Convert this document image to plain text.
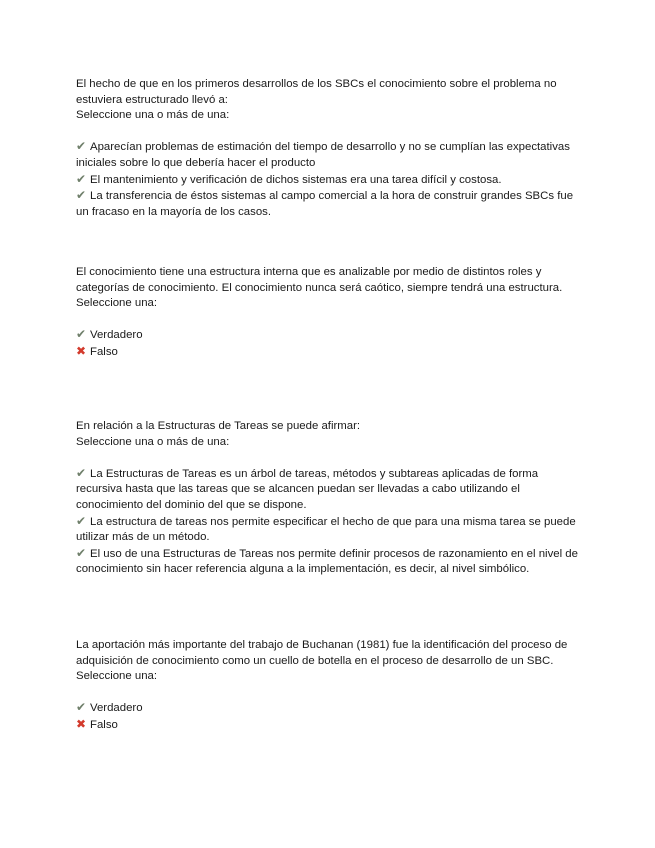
El hecho de que en los primeros desarrollos de los SBCs el conocimiento sobre el problema no estuviera estructurado llevó a:

Seleccione una o más de una:

✔ Aparecían problemas de estimación del tiempo de desarrollo y no se cumplían las expectativas iniciales sobre lo que debería hacer el producto
✔ El mantenimiento y verificación de dichos sistemas era una tarea difícil y costosa.
✔ La transferencia de éstos sistemas al campo comercial a la hora de construir grandes SBCs fue un fracaso en la mayoría de los casos.

El conocimiento tiene una estructura interna que es analizable por medio de distintos roles y categorías de conocimiento. El conocimiento nunca será caótico, siempre tendrá una estructura.

Seleccione una:

✔ Verdadero
✖ Falso

En relación a la Estructuras de Tareas se puede afirmar:

Seleccione una o más de una:

✔ La Estructuras de Tareas es un árbol de tareas, métodos y subtareas aplicadas de forma recursiva hasta que las tareas que se alcancen puedan ser llevadas a cabo utilizando el conocimiento del dominio del que se dispone.
✔ La estructura de tareas nos permite especificar el hecho de que para una misma tarea se puede utilizar más de un método.
✔ El uso de una Estructuras de Tareas nos permite definir procesos de razonamiento en el nivel de conocimiento sin hacer referencia alguna a la implementación, es decir, al nivel simbólico.

La aportación más importante del trabajo de Buchanan (1981) fue la identificación del proceso de adquisición de conocimiento como un cuello de botella en el proceso de desarrollo de un SBC.

Seleccione una:

✔ Verdadero
✖ Falso
